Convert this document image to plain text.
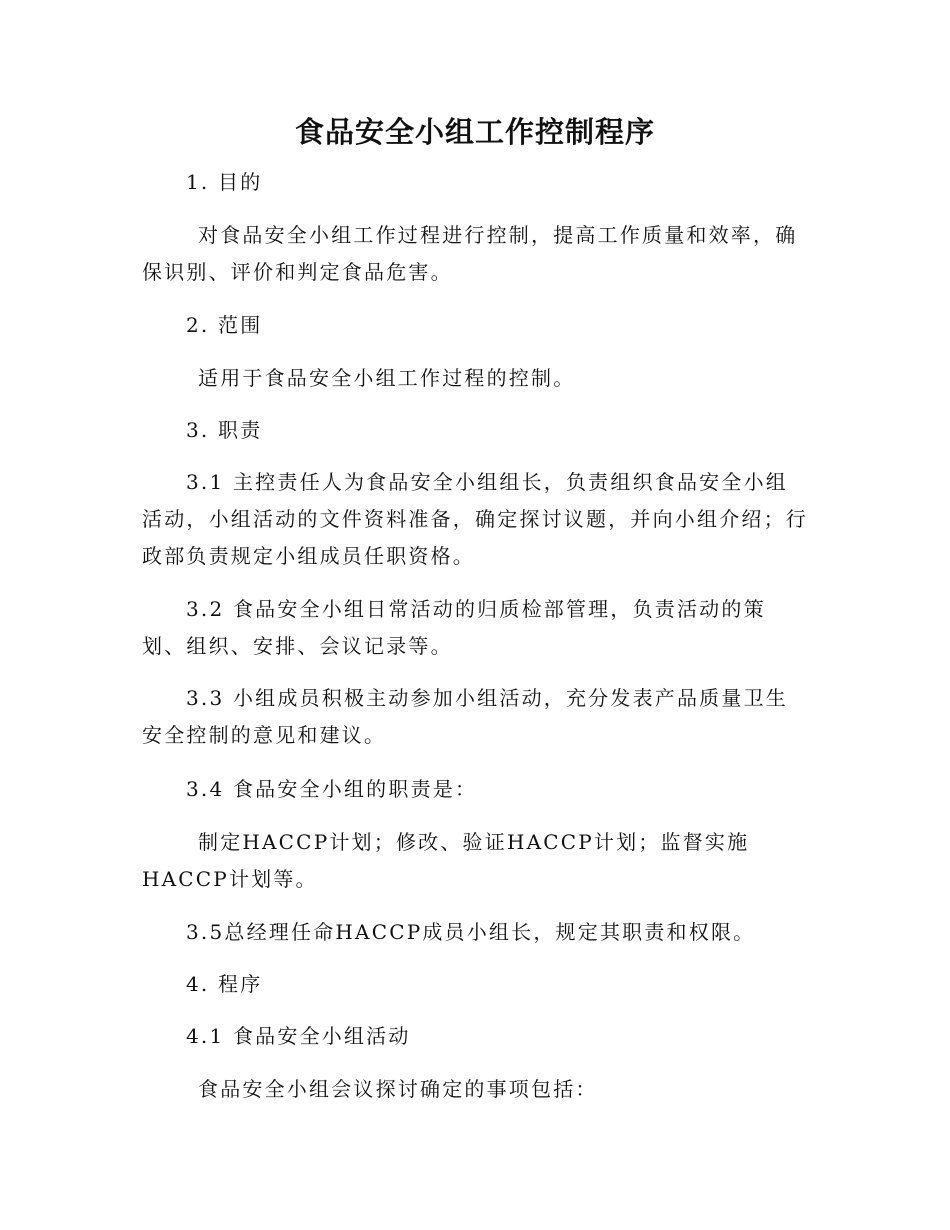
食品安全小组工作控制程序
1. 目的
对食品安全小组工作过程进行控制，提高工作质量和效率，确保识别、评价和判定食品危害。
2. 范围
适用于食品安全小组工作过程的控制。
3. 职责
3.1 主控责任人为食品安全小组组长，负责组织食品安全小组活动，小组活动的文件资料准备，确定探讨议题，并向小组介绍；行政部负责规定小组成员任职资格。
3.2 食品安全小组日常活动的归质检部管理，负责活动的策划、组织、安排、会议记录等。
3.3 小组成员积极主动参加小组活动，充分发表产品质量卫生安全控制的意见和建议。
3.4 食品安全小组的职责是：
制定HACCP计划；修改、验证HACCP计划；监督实施HACCP计划等。
3.5总经理任命HACCP成员小组长，规定其职责和权限。
4. 程序
4.1 食品安全小组活动
食品安全小组会议探讨确定的事项包括：
